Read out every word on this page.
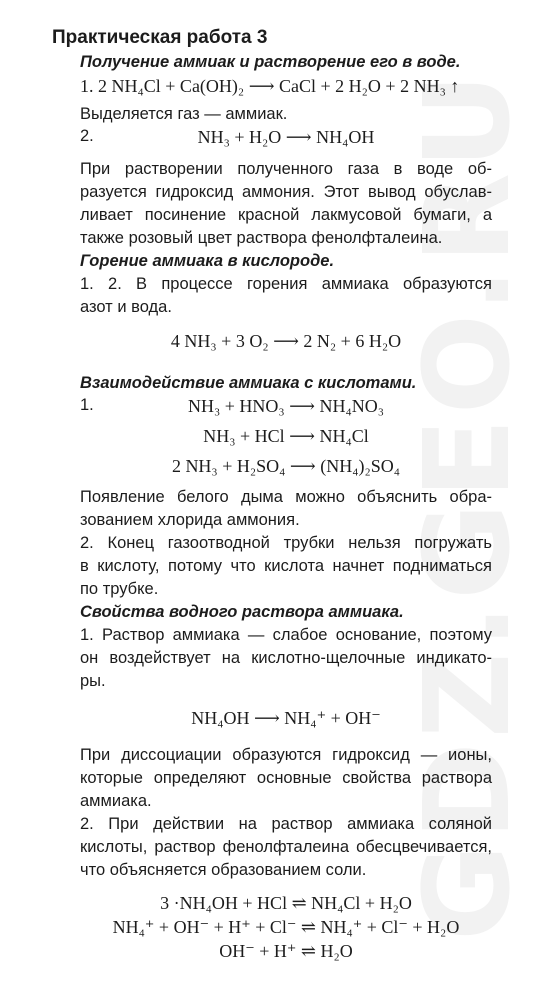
GDZ.GEO.RU
Практическая работа 3
Получение аммиак и растворение его в воде.
1. 2 NH₄Cl + Ca(OH)₂ ⟶ CaCl + 2 H₂O + 2 NH₃ ↑
Выделяется газ — аммиак.
2.	NH₃ + H₂O ⟶ NH₄OH
При растворении полученного газа в воде об-
разуется гидроксид аммония. Этот вывод обуслав-
ливает посинение красной лакмусовой бумаги, а
также розовый цвет раствора фенолфталеина.
Горение аммиака в кислороде.
1. 2. В процессе горения аммиака образуются
азот и вода.
4 NH₃ + 3 O₂ ⟶ 2 N₂ + 6 H₂O
Взаимодействие аммиака с кислотами.
1.	NH₃ + HNO₃ ⟶ NH₄NO₃
NH₃ + HCl ⟶ NH₄Cl
2 NH₃ + H₂SO₄ ⟶ (NH₄)₂SO₄
Появление белого дыма можно объяснить обра-
зованием хлорида аммония.
2. Конец газоотводной трубки нельзя погружать
в кислоту, потому что кислота начнет подниматься
по трубке.
Свойства водного раствора аммиака.
1. Раствор аммиака — слабое основание, поэтому
он воздействует на кислотно-щелочные индикато-
ры.
NH₄OH ⟶ NH₄⁺ + OH⁻
При диссоциации образуются гидроксид — ионы,
которые определяют основные свойства раствора
аммиака.
2. При действии на раствор аммиака соляной
кислоты, раствор фенолфталеина обесцвечивается,
что объясняется образованием соли.
3 ·NH₄OH + HCl ⇌ NH₄Cl + H₂O
NH₄⁺ + OH⁻ + H⁺ + Cl⁻ ⇌ NH₄⁺ + Cl⁻ + H₂O
OH⁻ + H⁺ ⇌ H₂O
